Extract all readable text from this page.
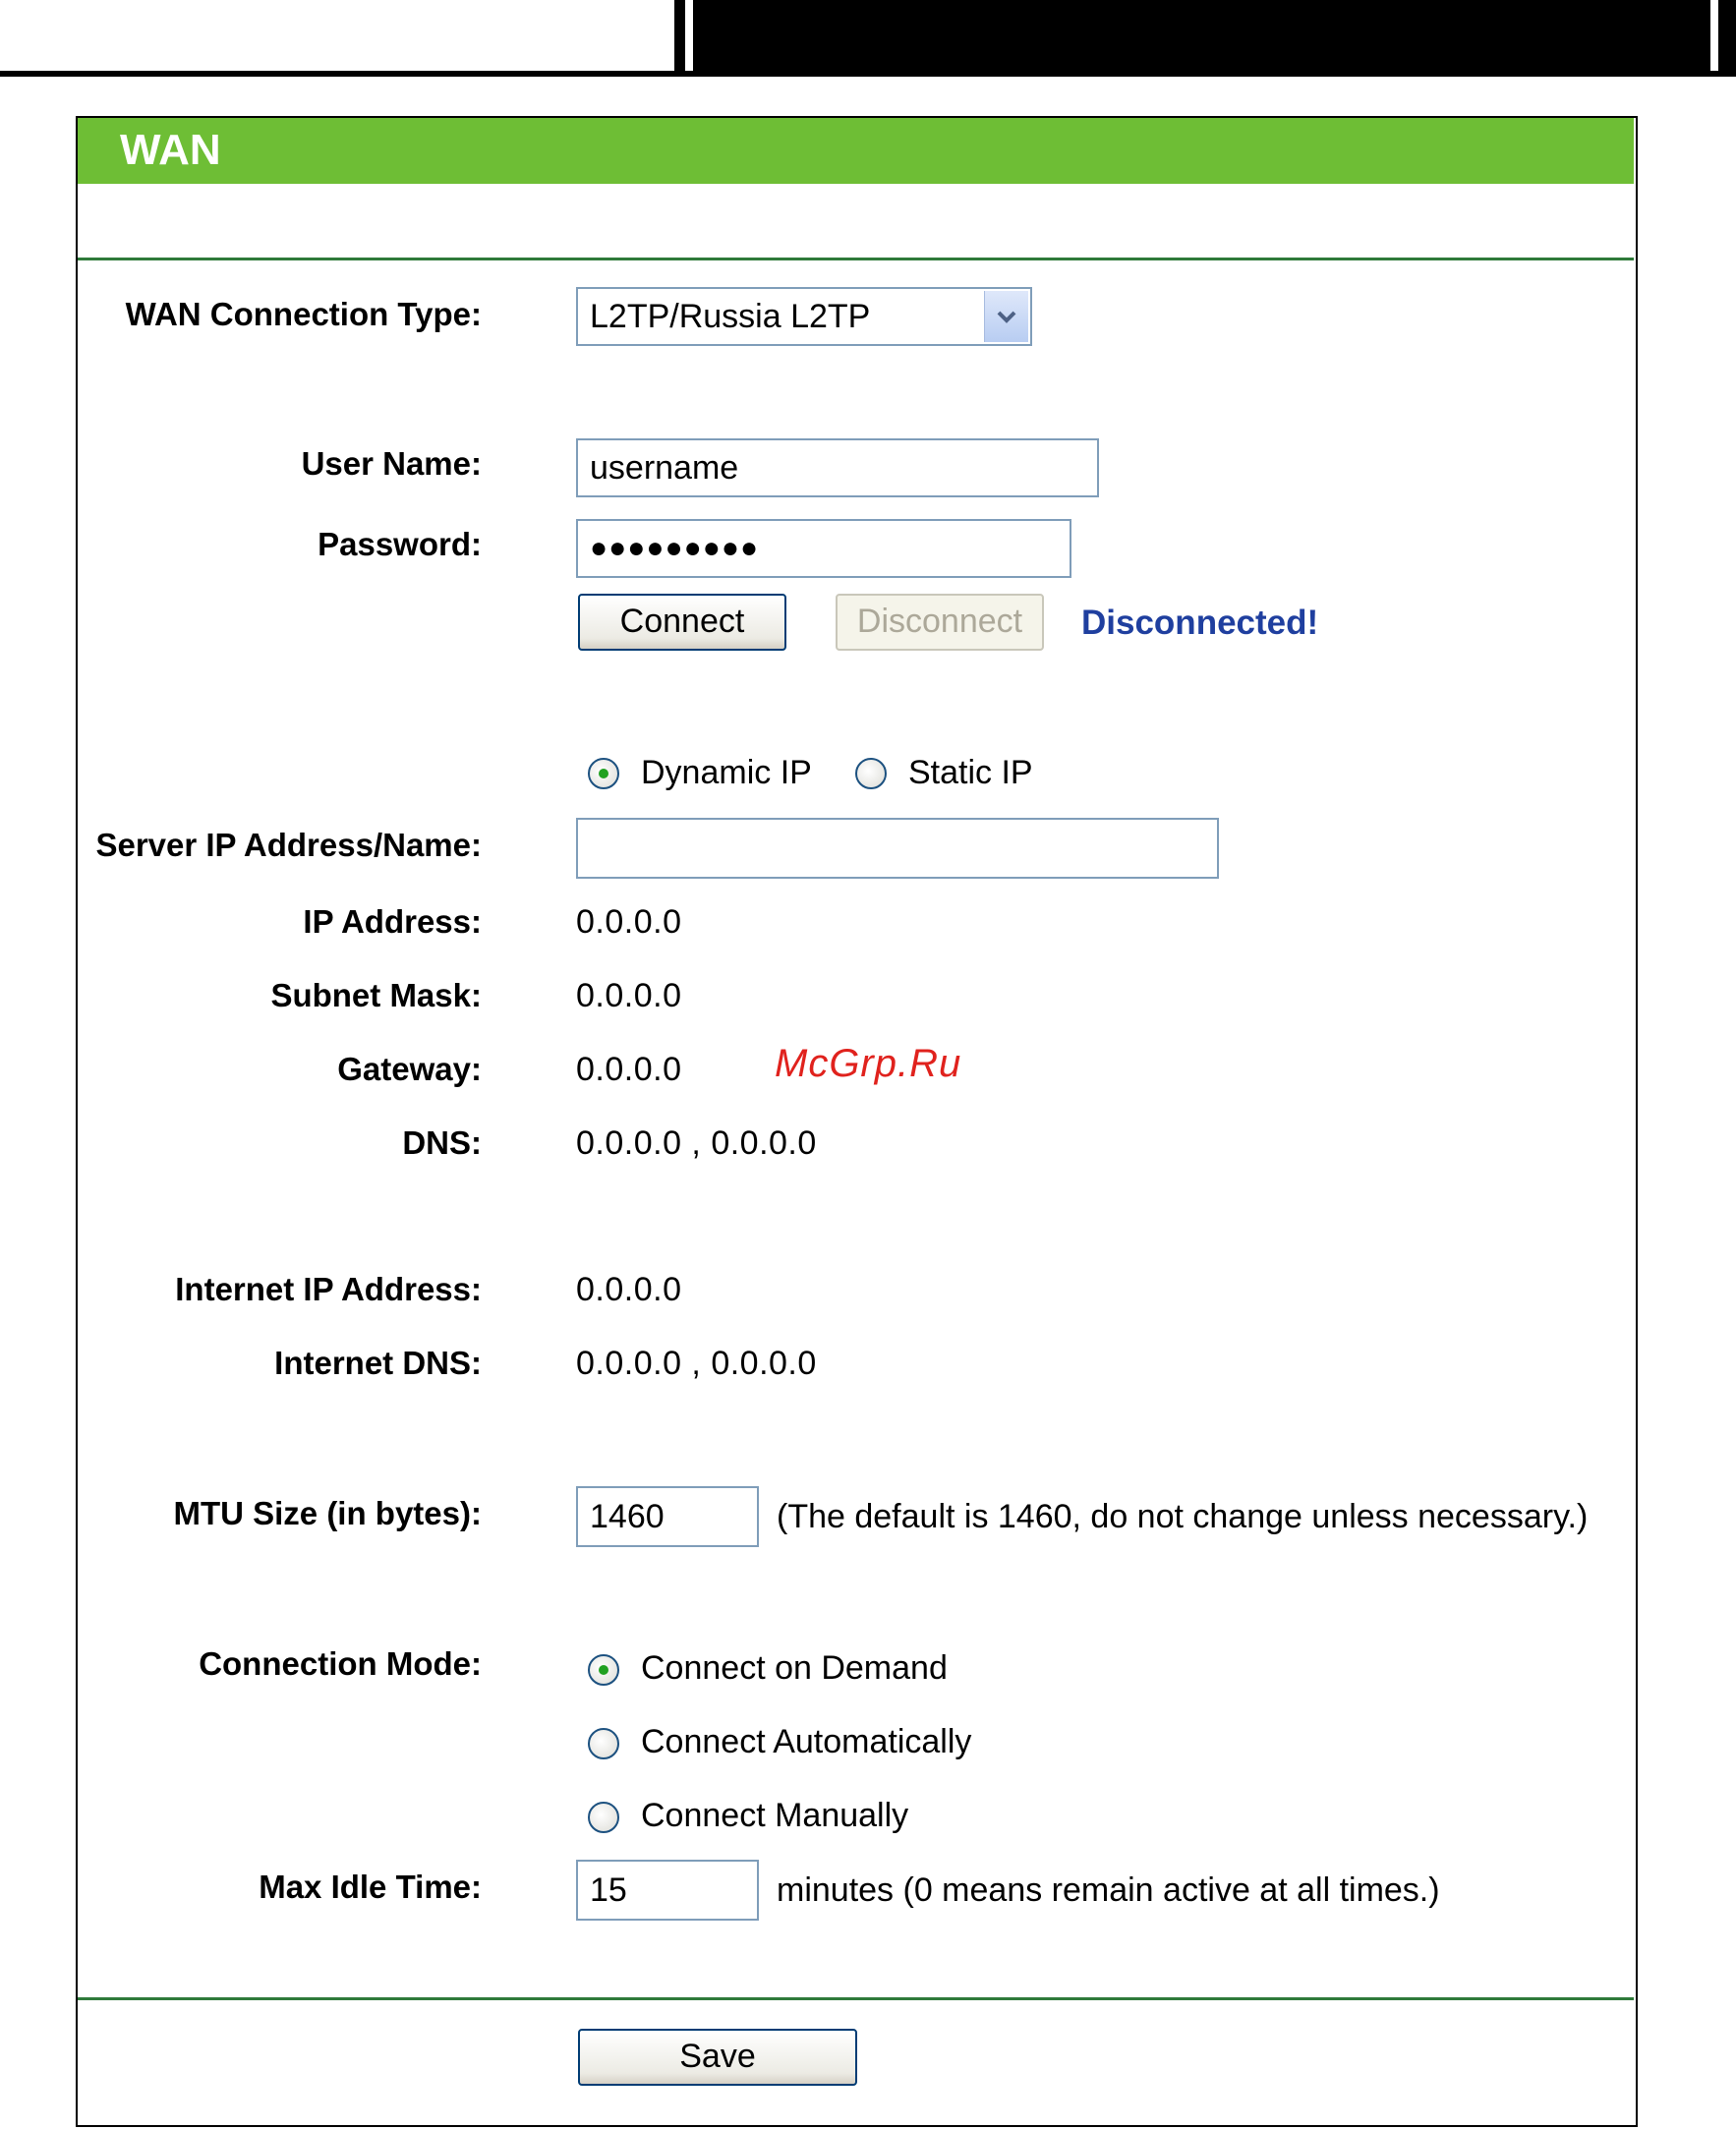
WAN
WAN Connection Type:	L2TP/Russia L2TP
User Name:
username
Password:	●●●●●●●●●
Connect	Disconnect	Disconnected!
Dynamic IP	Static IP
Server IP Address/Name:
IP Address:	0.0.0.0
Subnet Mask:	0.0.0.0
Gateway:	0.0.0.0 McGrp.Ru
DNS:	0.0.0.0 , 0.0.0.0
Internet IP Address:	0.0.0.0
Internet DNS:	0.0.0.0 , 0.0.0.0
MTU Size (in bytes):
1460	(The default is 1460, do not change unless necessary.)
Connection Mode:	Connect on Demand
Connect Automatically
Connect Manually
Max Idle Time:
15	minutes (0 means remain active at all times.)
Save
